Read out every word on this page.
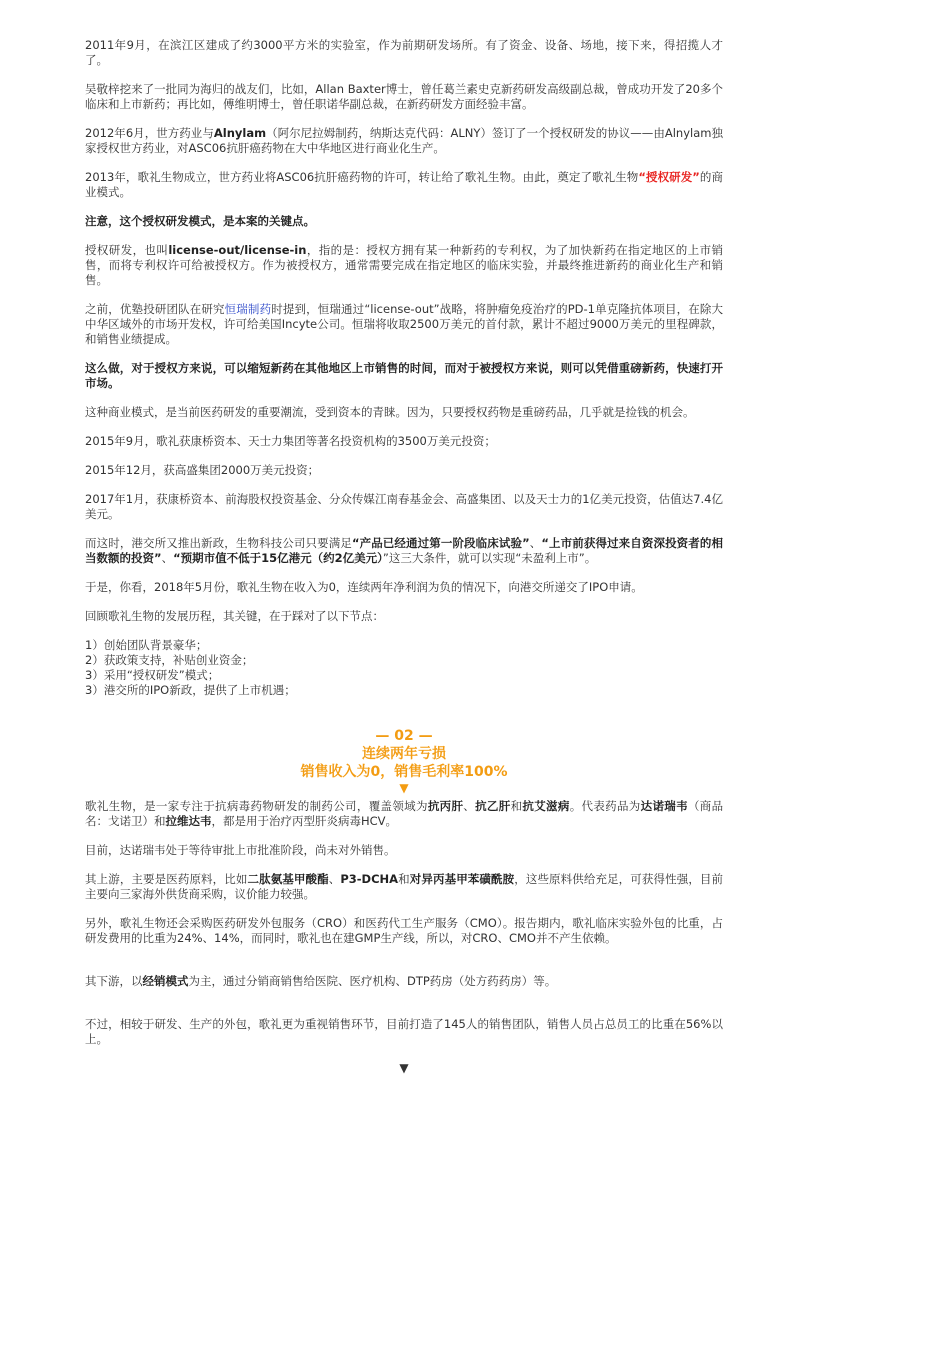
2011年9月，在滨江区建成了约3000平方米的实验室，作为前期研发场所。有了资金、设备、场地，接下来，得招揽人才了。
吴敬梓挖来了一批同为海归的战友们，比如，Allan Baxter博士，曾任葛兰素史克新药研发高级副总裁，曾成功开发了20多个临床和上市新药；再比如，傅维明博士，曾任职诺华副总裁，在新药研发方面经验丰富。
2012年6月，世方药业与Alnylam（阿尔尼拉姆制药，纳斯达克代码：ALNY）签订了一个授权研发的协议——由Alnylam独家授权世方药业，对ASC06抗肝癌药物在大中华地区进行商业化生产。
2013年，歌礼生物成立，世方药业将ASC06抗肝癌药物的许可，转让给了歌礼生物。由此，奠定了歌礼生物“授权研发”的商业模式。
注意，这个授权研发模式，是本案的关键点。
授权研发，也叫license-out/license-in，指的是：授权方拥有某一种新药的专利权，为了加快新药在指定地区的上市销售，而将专利权许可给被授权方。作为被授权方，通常需要完成在指定地区的临床实验，并最终推进新药的商业化生产和销售。
之前，优塾投研团队在研究恒瑞制药时提到，恒瑞通过“license-out”战略，将肿瘤免疫治疗的PD-1单克隆抗体项目，在除大中华区域外的市场开发权，许可给美国Incyte公司。恒瑞将收取2500万美元的首付款，累计不超过9000万美元的里程碑款，和销售业绩提成。
这么做，对于授权方来说，可以缩短新药在其他地区上市销售的时间，而对于被授权方来说，则可以凭借重磅新药，快速打开市场。
这种商业模式，是当前医药研发的重要潮流，受到资本的青睐。因为，只要授权药物是重磅药品，几乎就是捡钱的机会。
2015年9月，歌礼获康桥资本、天士力集团等著名投资机构的3500万美元投资；
2015年12月，获高盛集团2000万美元投资；
2017年1月，获康桥资本、前海股权投资基金、分众传媒江南春基金会、高盛集团、以及天士力的1亿美元投资，估值达7.4亿美元。
而这时，港交所又推出新政，生物科技公司只要满足“产品已经通过第一阶段临床试验”、“上市前获得过来自资深投资者的相当数额的投资”、“预期市值不低于15亿港元（约2亿美元）”这三大条件，就可以实现“未盈利上市”。
于是，你看，2018年5月份，歌礼生物在收入为0，连续两年净利润为负的情况下，向港交所递交了IPO申请。
回顾歌礼生物的发展历程，其关键，在于踩对了以下节点：
1）创始团队背景豪华；
2）获政策支持，补贴创业资金；
3）采用“授权研发”模式；
3）港交所的IPO新政，提供了上市机遇；
— 02 —
连续两年亏损
销售收入为0，销售毛利率100%
▼
歌礼生物，是一家专注于抗病毒药物研发的制药公司，覆盖领域为抗丙肝、抗乙肝和抗艾滋病。代表药品为达诺瑞韦（商品名：戈诺卫）和拉维达韦，都是用于治疗丙型肝炎病毒HCV。
目前，达诺瑞韦处于等待审批上市批准阶段，尚未对外销售。
其上游，主要是医药原料，比如二肽氨基甲酸酯、P3-DCHA和对异丙基甲苯磺酰胺，这些原料供给充足，可获得性强，目前主要向三家海外供货商采购，议价能力较强。
另外，歌礼生物还会采购医药研发外包服务（CRO）和医药代工生产服务（CMO）。报告期内，歌礼临床实验外包的比重，占研发费用的比重为24%、14%，而同时，歌礼也在建GMP生产线，所以，对CRO、CMO并不产生依赖。
其下游，以经销模式为主，通过分销商销售给医院、医疗机构、DTP药房（处方药药房）等。
不过，相较于研发、生产的外包，歌礼更为重视销售环节，目前打造了145人的销售团队，销售人员占总员工的比重在56%以上。
▼
